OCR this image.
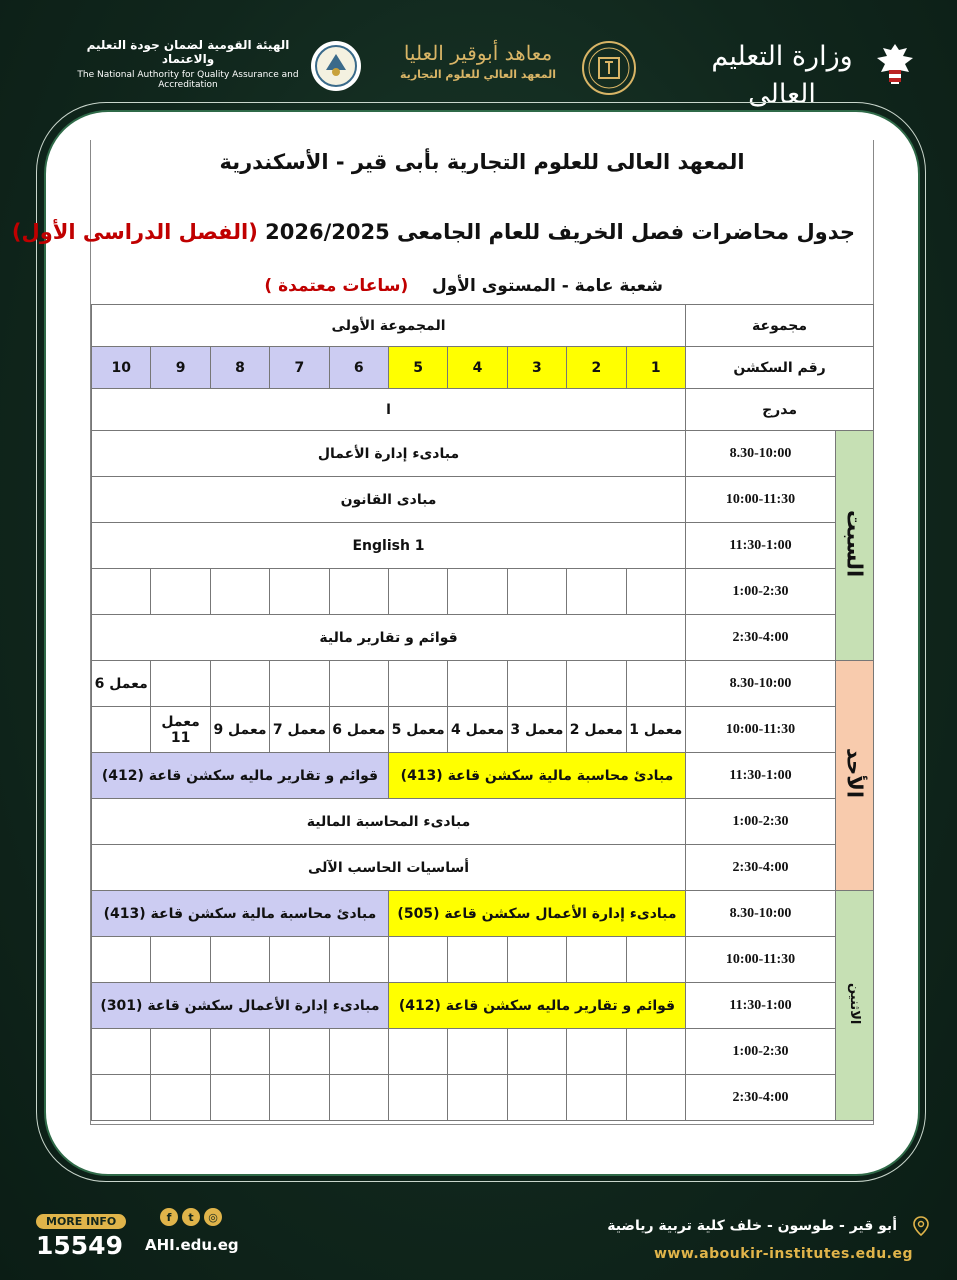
وزارة التعليم العالى
معاهد أبوقير العليا
المعهد العالي للعلوم التجارية
الهيئة القومية لضمان جودة التعليم والاعتماد
The National Authority for Quality Assurance and Accreditation
المعهد العالى للعلوم التجارية بأبى قير - الأسكندرية
جدول محاضرات فصل الخريف للعام الجامعى 2026/2025 (الفصل الدراسى الأول)
شعبة عامة - المستوى الأول    (ساعات معتمدة )
المجموعة الأولى										مجموعة	
10	9	8	7	6	5	4	3	2	1	رقم السكشن	
ا										مدرج	
مبادىء إدارة الأعمال										8.30-10:00	السبت
مبادى القانون										10:00-11:30	
English 1										11:30-1:00	
										1:00-2:30	
قوائم و تقارير مالية										2:30-4:00	
معمل 6										8.30-10:00	الأحد
	معمل 11	معمل 9	معمل 7	معمل 6	معمل 5	معمل 4	معمل 3	معمل 2	معمل 1	10:00-11:30	
قوائم و تقارير ماليه سكشن قاعة (412)					مبادئ محاسبة مالية سكشن قاعة (413)					11:30-1:00	
مبادىء المحاسبة المالية										1:00-2:30	
أساسيات الحاسب الآلى										2:30-4:00	
مبادئ محاسبة مالية سكشن قاعة (413)					مبادىء إدارة الأعمال سكشن قاعة (505)					8.30-10:00	الاثنين
										10:00-11:30	
مبادىء إدارة الأعمال سكشن قاعة (301)					قوائم و تقارير ماليه سكشن قاعة (412)					11:30-1:00	
										1:00-2:30	
										2:30-4:00	
MORE INFO
15549
f	t	◎
AHI.edu.eg
أبو قير - طوسون - خلف كلية تربية رياضية
www.aboukir-institutes.edu.eg
